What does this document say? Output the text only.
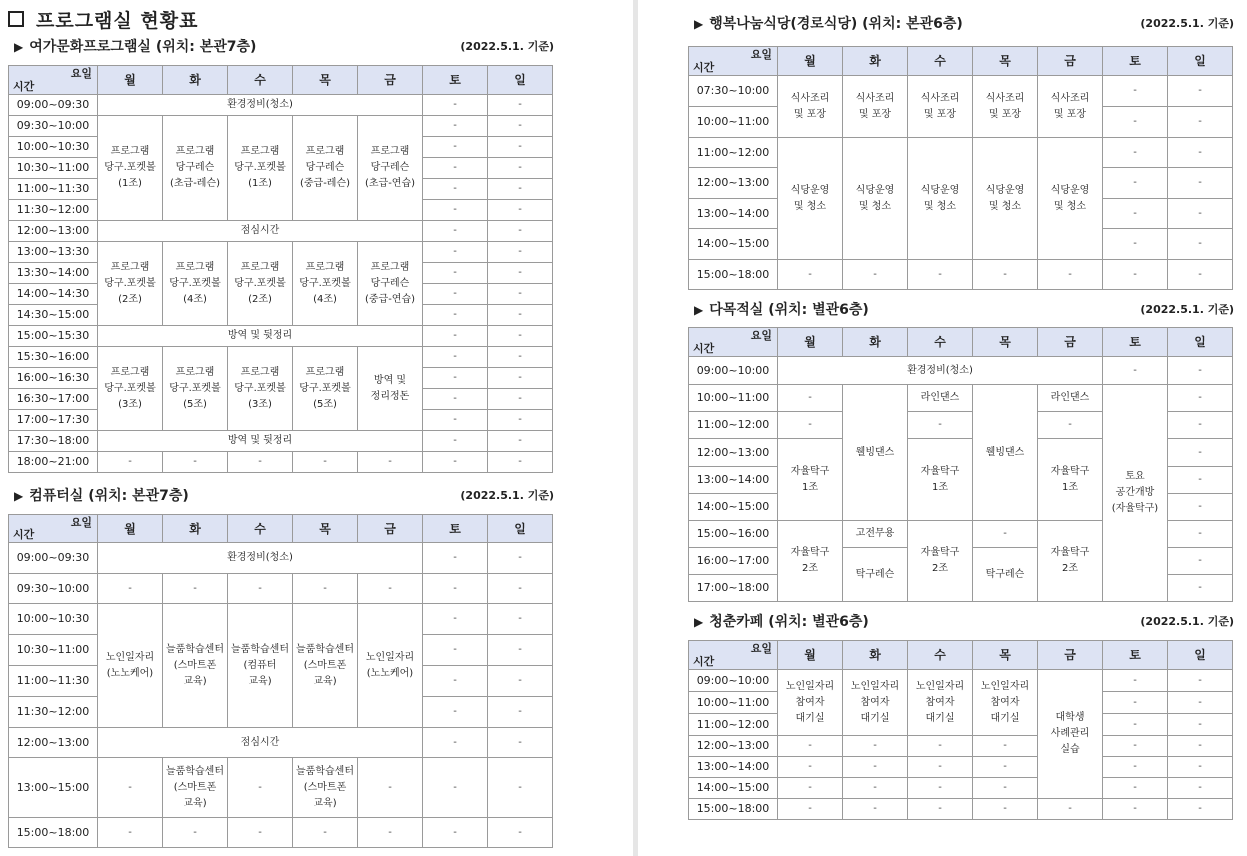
프로그램실 현황표
▶ 여가문화프로그램실 (위치: 본관7층)	(2022.5.1. 기준)
요일
시간	월	화	수	목	금	토	일
09:00~09:30	환경정비(청소)					-	-
09:30~10:00	프로그램
당구.포켓볼
(1조)	프로그램
당구레슨
(초급-레슨)	프로그램
당구.포켓볼
(1조)	프로그램
당구레슨
(중급-레슨)	프로그램
당구레슨
(초급-연습)	-	-
10:00~10:30						-	-
10:30~11:00						-	-
11:00~11:30						-	-
11:30~12:00						-	-
12:00~13:00	점심시간					-	-
13:00~13:30	프로그램
당구.포켓볼
(2조)	프로그램
당구.포켓볼
(4조)	프로그램
당구.포켓볼
(2조)	프로그램
당구.포켓볼
(4조)	프로그램
당구레슨
(중급-연습)	-	-
13:30~14:00						-	-
14:00~14:30						-	-
14:30~15:00						-	-
15:00~15:30	방역 및 뒷정리					-	-
15:30~16:00	프로그램
당구.포켓볼
(3조)	프로그램
당구.포켓볼
(5조)	프로그램
당구.포켓볼
(3조)	프로그램
당구.포켓볼
(5조)	방역 및
정리정돈	-	-
16:00~16:30						-	-
16:30~17:00						-	-
17:00~17:30						-	-
17:30~18:00	방역 및 뒷정리					-	-
18:00~21:00	-	-	-	-	-	-	-
▶ 컴퓨터실 (위치: 본관7층)	(2022.5.1. 기준)
요일
시간	월	화	수	목	금	토	일
09:00~09:30	환경정비(청소)					-	-
09:30~10:00	-	-	-	-	-	-	-
10:00~10:30	노인일자리
(노노케어)	늘품학습센터
(스마트폰
교육)	늘품학습센터
(컴퓨터
교육)	늘품학습센터
(스마트폰
교육)	노인일자리
(노노케어)	-	-
10:30~11:00						-	-
11:00~11:30						-	-
11:30~12:00						-	-
12:00~13:00	점심시간					-	-
13:00~15:00	-	늘품학습센터
(스마트폰
교육)	-	늘품학습센터
(스마트폰
교육)	-	-	-
15:00~18:00	-	-	-	-	-	-	-
▶ 행복나눔식당(경로식당) (위치: 본관6층)	(2022.5.1. 기준)
요일
시간	월	화	수	목	금	토	일
07:30~10:00	식사조리
및 포장	식사조리
및 포장	식사조리
및 포장	식사조리
및 포장	식사조리
및 포장	-	-
10:00~11:00						-	-
11:00~12:00	식당운영
및 청소	식당운영
및 청소	식당운영
및 청소	식당운영
및 청소	식당운영
및 청소	-	-
12:00~13:00						-	-
13:00~14:00						-	-
14:00~15:00						-	-
15:00~18:00	-	-	-	-	-	-	-
▶ 다목적실 (위치: 별관6층)	(2022.5.1. 기준)
요일
시간	월	화	수	목	금	토	일
09:00~10:00	환경정비(청소)					-	-
10:00~11:00	-	웰빙댄스	라인댄스	웰빙댄스	라인댄스	토요
공간개방
(자율탁구)	-
11:00~12:00	-		-		-		-
12:00~13:00	자율탁구
1조		자율탁구
1조		자율탁구
1조		-
13:00~14:00							-
14:00~15:00							-
15:00~16:00	자율탁구
2조	고전무용	자율탁구
2조	-	자율탁구
2조		-
16:00~17:00		탁구레슨		탁구레슨			-
17:00~18:00							-
▶ 청춘카페 (위치: 별관6층)	(2022.5.1. 기준)
요일
시간	월	화	수	목	금	토	일
09:00~10:00	노인일자리
참여자
대기실	노인일자리
참여자
대기실	노인일자리
참여자
대기실	노인일자리
참여자
대기실	대학생
사례관리
실습	-	-
10:00~11:00						-	-
11:00~12:00						-	-
12:00~13:00	-	-	-	-		-	-
13:00~14:00	-	-	-	-		-	-
14:00~15:00	-	-	-	-		-	-
15:00~18:00	-	-	-	-	-	-	-
